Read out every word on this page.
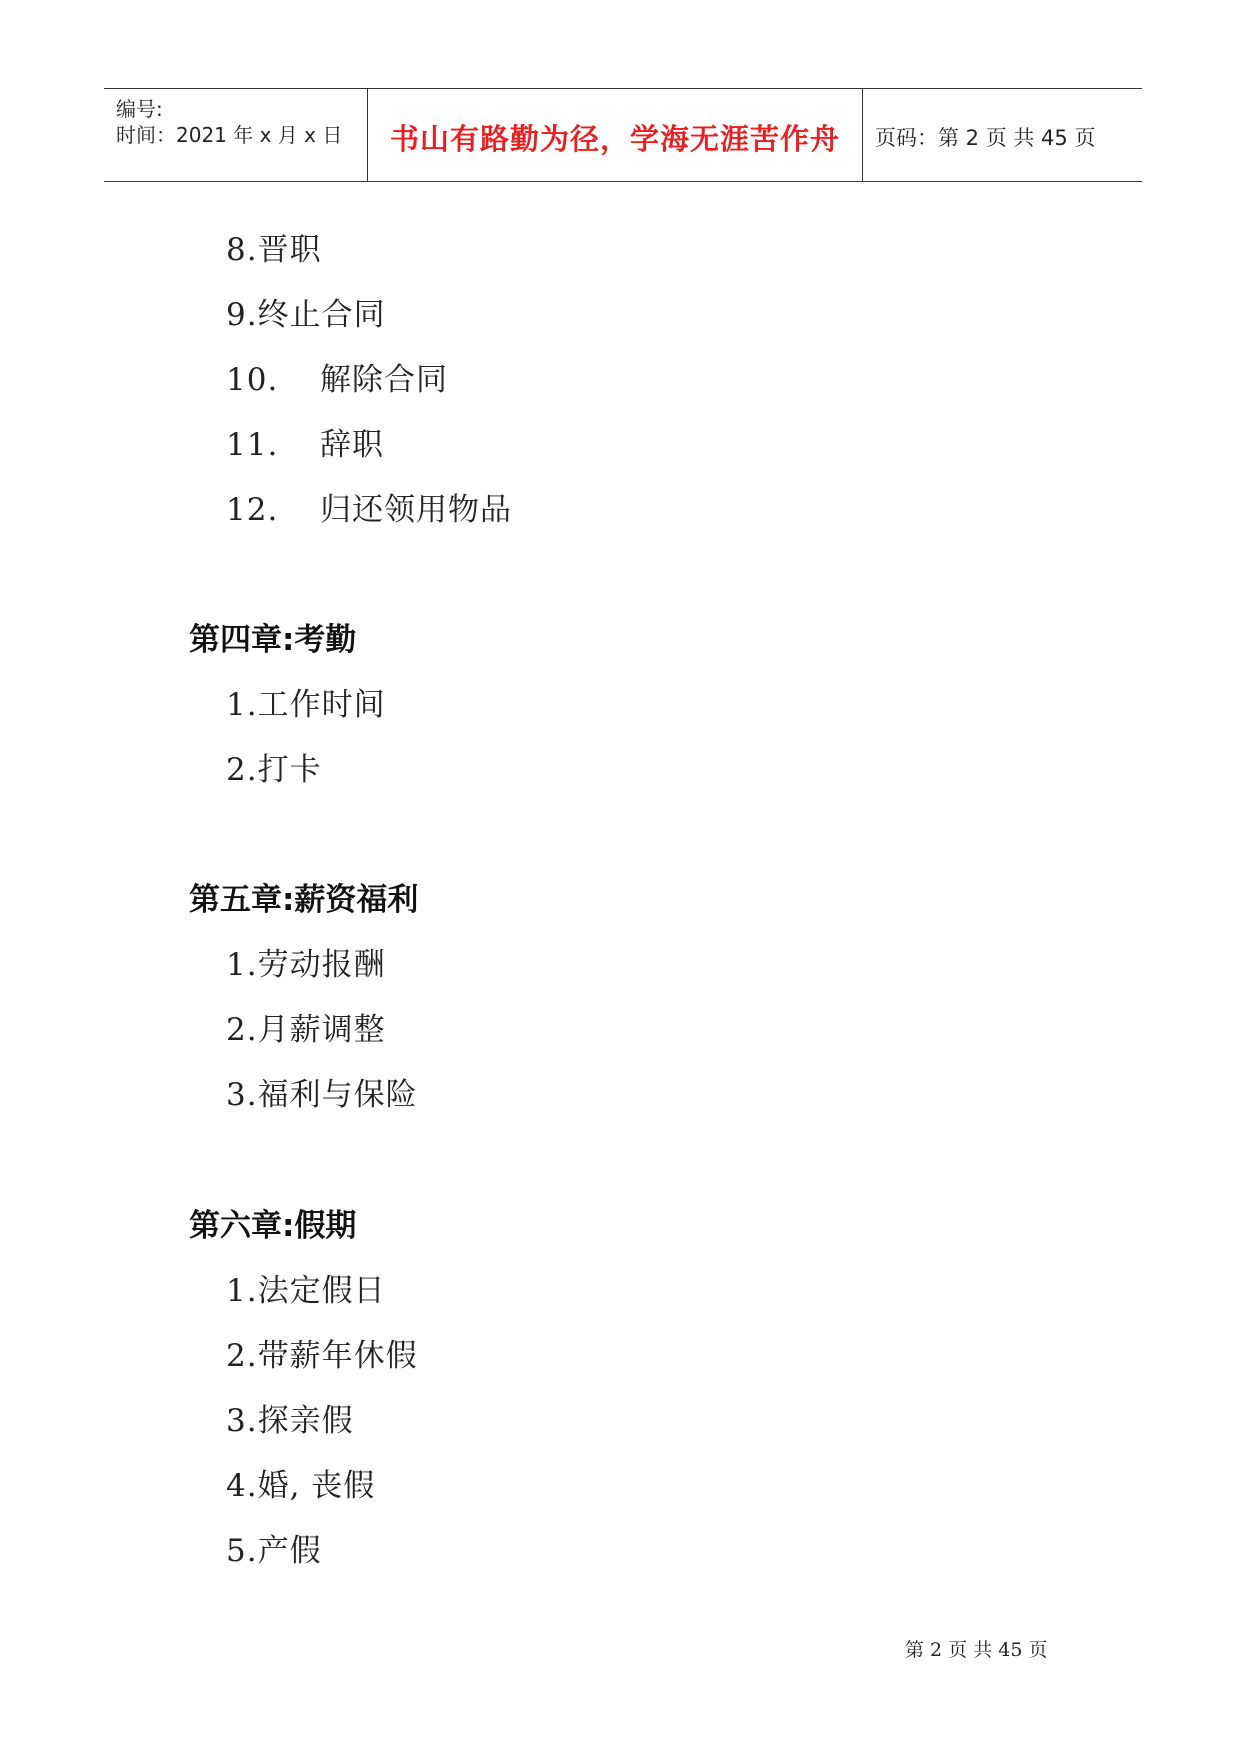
编号:
时间：2021 年 x 月 x 日	书山有路勤为径，学海无涯苦作舟	页码：第 2 页 共 45 页
8.晋职
9.终止合同
10. 解除合同
11. 辞职
12. 归还领用物品
第四章:考勤
1.工作时间
2.打卡
第五章:薪资福利
1.劳动报酬
2.月薪调整
3.福利与保险
第六章:假期
1.法定假日
2.带薪年休假
3.探亲假
4.婚, 丧假
5.产假
第 2 页 共 45 页
